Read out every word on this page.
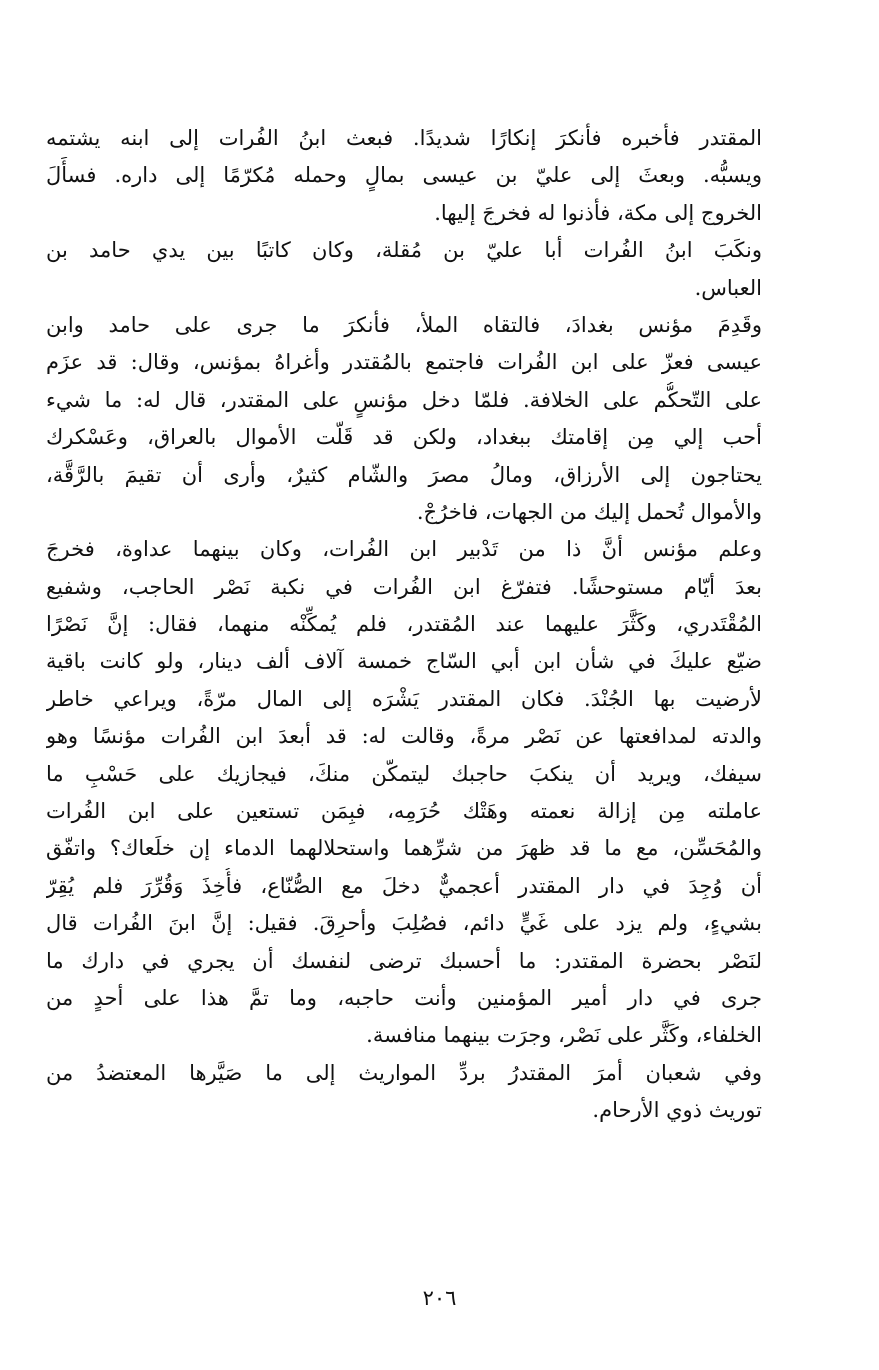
المقتدر فأخبره فأنكرَ إنكارًا شديدًا. فبعث ابنُ الفُرات إلى ابنه يشتمه
ويسبُّه. وبعثَ إلى عليّ بن عيسى بمالٍ وحمله مُكرّمًا إلى داره. فسأَلَ
الخروج إلى مكة، فأذنوا له فخرجَ إليها.
ونكَبَ ابنُ الفُرات أبا عليّ بن مُقلة، وكان كاتبًا بين يدي حامد بن
العباس.
وقَدِمَ مؤنس بغدادَ، فالتقاه الملأ، فأنكرَ ما جرى على حامد وابن
عيسى فعزّ على ابن الفُرات فاجتمع بالمُقتدر وأغراهُ بمؤنس، وقال: قد عزَم
على التّحكُّم على الخلافة. فلمّا دخل مؤنسٍ على المقتدر، قال له: ما شيء
أحب إلي مِن إقامتك ببغداد، ولكن قد قَلّت الأموال بالعراق، وعَسْكرك
يحتاجون إلى الأرزاق، ومالُ مصرَ والشّام كثيرٌ، وأرى أن تقيمَ بالرَّقَّة،
والأموال تُحمل إليك من الجهات، فاخرُجْ.
وعلم مؤنس أنَّ ذا من تَدْبير ابن الفُرات، وكان بينهما عداوة، فخرجَ
بعدَ أيّام مستوحشًا. فتفرّغ ابن الفُرات في نكبة نَصْر الحاجب، وشفيع
المُقْتَدري، وكَثَّرَ عليهما عند المُقتدر، فلم يُمكِّنْه منهما، فقال: إنَّ نَصْرًا
ضيّع عليكَ في شأن ابن أبي السّاج خمسة آلاف ألف دينار، ولو كانت باقية
لأرضيت بها الجُنْدَ. فكان المقتدر يَشْرَه إلى المال مرّةً، ويراعي خاطر
والدته لمدافعتها عن نَصْر مرةً، وقالت له: قد أبعدَ ابن الفُرات مؤنسًا وهو
سيفك، ويريد أن ينكبَ حاجبك ليتمكّن منكَ، فيجازيك على حَسْبِ ما
عاملته مِن إزالة نعمته وهَتْك حُرَمِه، فبِمَن تستعين على ابن الفُرات
والمُحَسِّن، مع ما قد ظهرَ من شرِّهما واستحلالهما الدماء إن خلَعاك؟ واتفّق
أن وُجِدَ في دار المقتدر أعجميٌّ دخلَ مع الصُّنّاع، فأُخِذَ وَقُرِّرَ فلم يُقِرّ
بشيءٍ، ولم يزد على غَيٍّ دائم، فصُلِبَ وأحرِقَ. فقيل: إنَّ ابنَ الفُرات قال
لنَصْر بحضرة المقتدر: ما أحسبك ترضى لنفسك أن يجري في دارك ما
جرى في دار أمير المؤمنين وأنت حاجبه، وما تمَّ هذا على أحدٍ من
الخلفاء، وكَثَّر على نَصْر، وجرَت بينهما منافسة.
وفي شعبان أمرَ المقتدرُ بردِّ المواريث إلى ما صَيَّرها المعتضدُ من
توريث ذوي الأرحام.
٢٠٦
